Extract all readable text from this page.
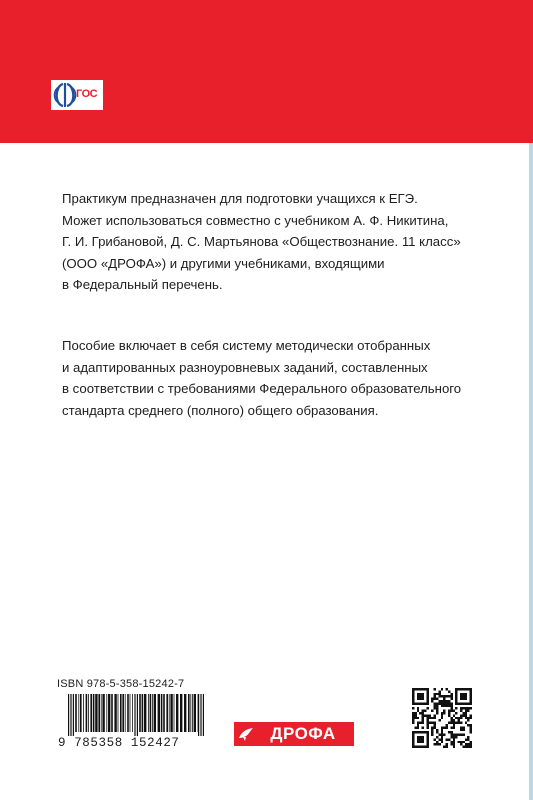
ГОС
Практикум предназначен для подготовки учащихся к ЕГЭ.
Может использоваться совместно с учебником А. Ф. Никитина,
Г. И. Грибановой, Д. С. Мартьянова «Обществознание. 11 класс»
(ООО «ДРОФА») и другими учебниками, входящими
в Федеральный перечень.
Пособие включает в себя систему методически отобранных
и адаптированных разноуровневых заданий, составленных
в соответствии с требованиями Федерального образовательного
стандарта среднего (полного) общего образования.
ISBN 978-5-358-15242-7
9 785358 152427	ДРОФА
